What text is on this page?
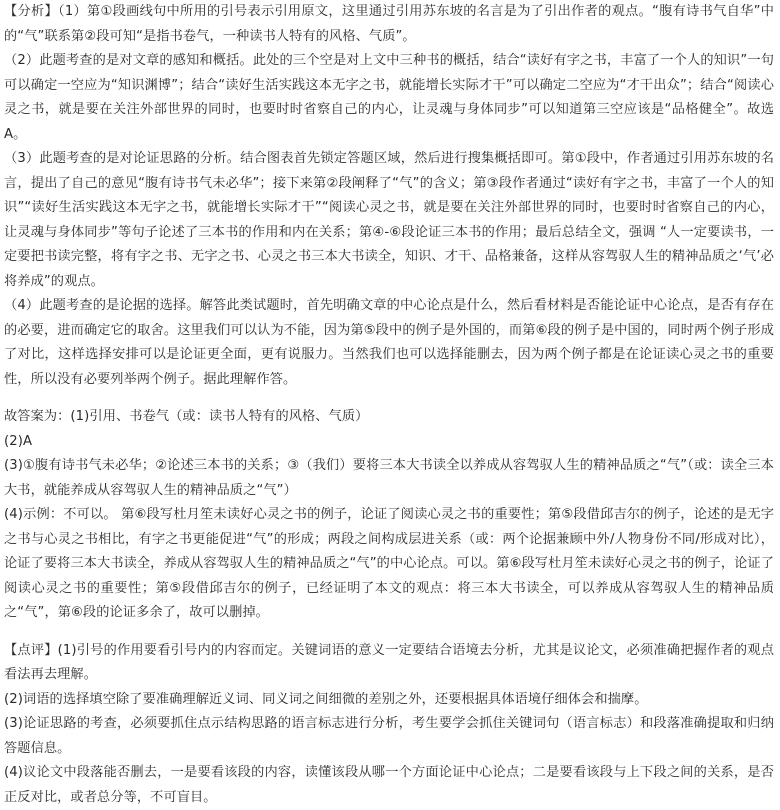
【分析】（1）第①段画线句中所用的引号表示引用原文，这里通过引用苏东坡的名言是为了引出作者的观点。“腹有诗书气自华”中的“气”联系第②段可知“是指书卷气，一种读书人特有的风格、气质”。

（2）此题考查的是对文章的感知和概括。此处的三个空是对上文中三种书的概括，结合“读好有字之书，丰富了一个人的知识”一句可以确定一空应为“知识渊博”；结合“读好生活实践这本无字之书，就能增长实际才干”可以确定二空应为“才干出众”；结合“阅读心灵之书，就是要在关注外部世界的同时，也要时时省察自己的内心，让灵魂与身体同步”可以知道第三空应该是“品格健全”。故选A。

（3）此题考查的是对论证思路的分析。结合图表首先锁定答题区域，然后进行搜集概括即可。第①段中，作者通过引用苏东坡的名言，提出了自己的意见“腹有诗书气未必华”；接下来第②段阐释了“气”的含义；第③段作者通过“读好有字之书，丰富了一个人的知识”“读好生活实践这本无字之书，就能增长实际才干”“阅读心灵之书，就是要在关注外部世界的同时，也要时时省察自己的内心，让灵魂与身体同步”等句子论述了三本书的作用和内在关系；第④-⑥段论证三本书的作用；最后总结全文，强调 “人一定要读书，一定要把书读完整，将有字之书、无字之书、心灵之书三本大书读全，知识、才干、品格兼备，这样从容驾驭人生的精神品质之‘气’必将养成”的观点。

（4）此题考查的是论据的选择。解答此类试题时，首先明确文章的中心论点是什么，然后看材料是否能论证中心论点，是否有存在的必要，进而确定它的取舍。这里我们可以认为不能，因为第⑤段中的例子是外国的，而第⑥段的例子是中国的，同时两个例子形成了对比，这样选择安排可以是论证更全面，更有说服力。当然我们也可以选择能删去，因为两个例子都是在论证读心灵之书的重要性，所以没有必要列举两个例子。据此理解作答。

故答案为：(1)引用、书卷气（或：读书人特有的风格、气质）

(2)A

(3)①腹有诗书气未必华；②论述三本书的关系；③（我们）要将三本大书读全以养成从容驾驭人生的精神品质之“气”（或：读全三本大书，就能养成从容驾驭人生的精神品质之“气”）

(4)示例：不可以。 第⑥段写杜月笙未读好心灵之书的例子，论证了阅读心灵之书的重要性；第⑤段借邱吉尔的例子，论述的是无字之书与心灵之书相比，有字之书更能促进“气”的形成；两段之间构成层进关系（或：两个论据兼顾中外/人物身份不同/形成对比），论证了要将三本大书读全，养成从容驾驭人生的精神品质之“气”的中心论点。可以。第⑥段写杜月笙未读好心灵之书的例子，论证了阅读心灵之书的重要性；第⑤段借邱吉尔的例子，已经证明了本文的观点：将三本大书读全，可以养成从容驾驭人生的精神品质之“气”，第⑥段的论证多余了，故可以删掉。

【点评】(1)引号的作用要看引号内的内容而定。关键词语的意义一定要结合语境去分析，尤其是议论文，必须准确把握作者的观点看法再去理解。

(2)词语的选择填空除了要准确理解近义词、同义词之间细微的差别之外，还要根据具体语境仔细体会和揣摩。

(3)论证思路的考查，必须要抓住点示结构思路的语言标志进行分析，考生要学会抓住关键词句（语言标志）和段落准确提取和归纳答题信息。

(4)议论文中段落能否删去，一是要看该段的内容，读懂该段从哪一个方面论证中心论点；二是要看该段与上下段之间的关系，是否正反对比，或者总分等，不可盲目。
